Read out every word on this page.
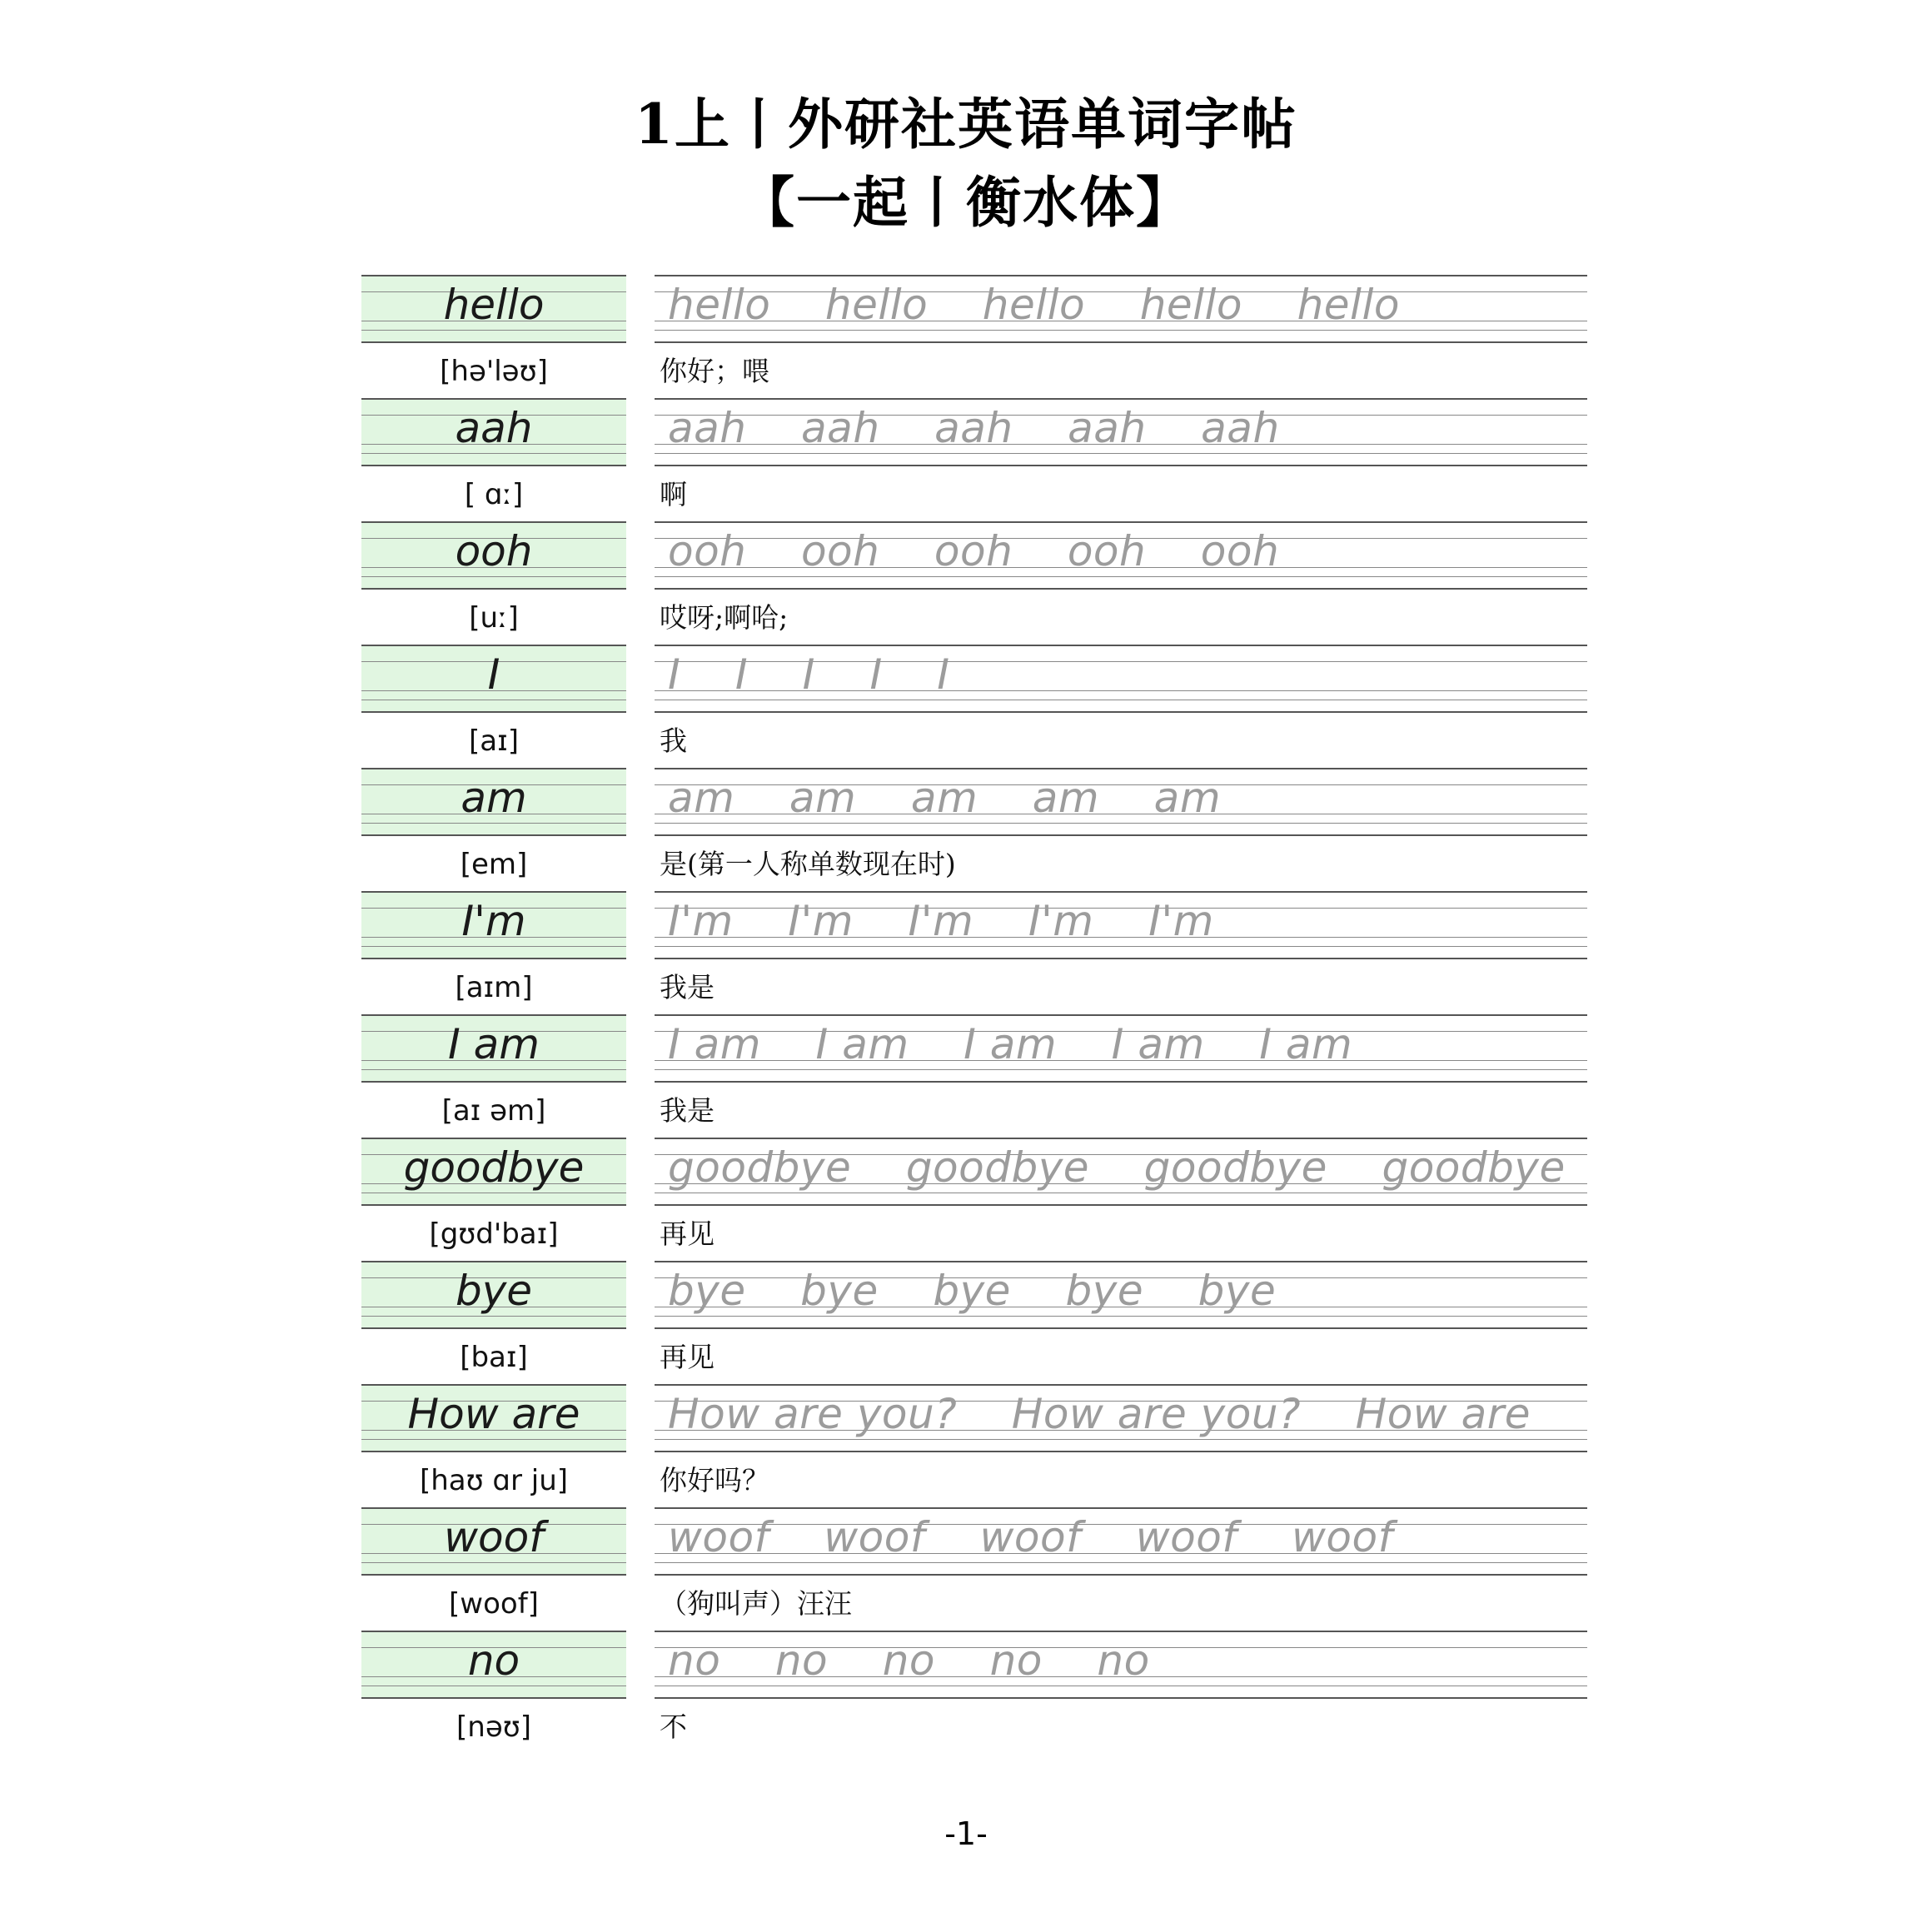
1上丨外研社英语单词字帖
【一起丨衡水体】
hello	hello    hello    hello    hello    hello
[hə'ləʊ]	你好；喂
aah	aah    aah    aah    aah    aah
[ ɑː]	啊
ooh	ooh    ooh    ooh    ooh    ooh
[uː]	哎呀;啊哈;
I	I    I    I    I    I
[aɪ]	我
am	am    am    am    am    am
[em]	是(第一人称单数现在时)
I'm	I'm    I'm    I'm    I'm    I'm
[aɪm]	我是
I am	I am    I am    I am    I am    I am
[aɪ əm]	我是
goodbye	goodbye    goodbye    goodbye    goodbye
[gʊd'baɪ]	再见
bye	bye    bye    bye    bye    bye
[baɪ]	再见
How are	How are you?    How are you?    How are
[haʊ ɑr ju]	你好吗？
woof	woof    woof    woof    woof    woof
[woof]	（狗叫声）汪汪
no	no    no    no    no    no
[nəʊ]	不
-1-
